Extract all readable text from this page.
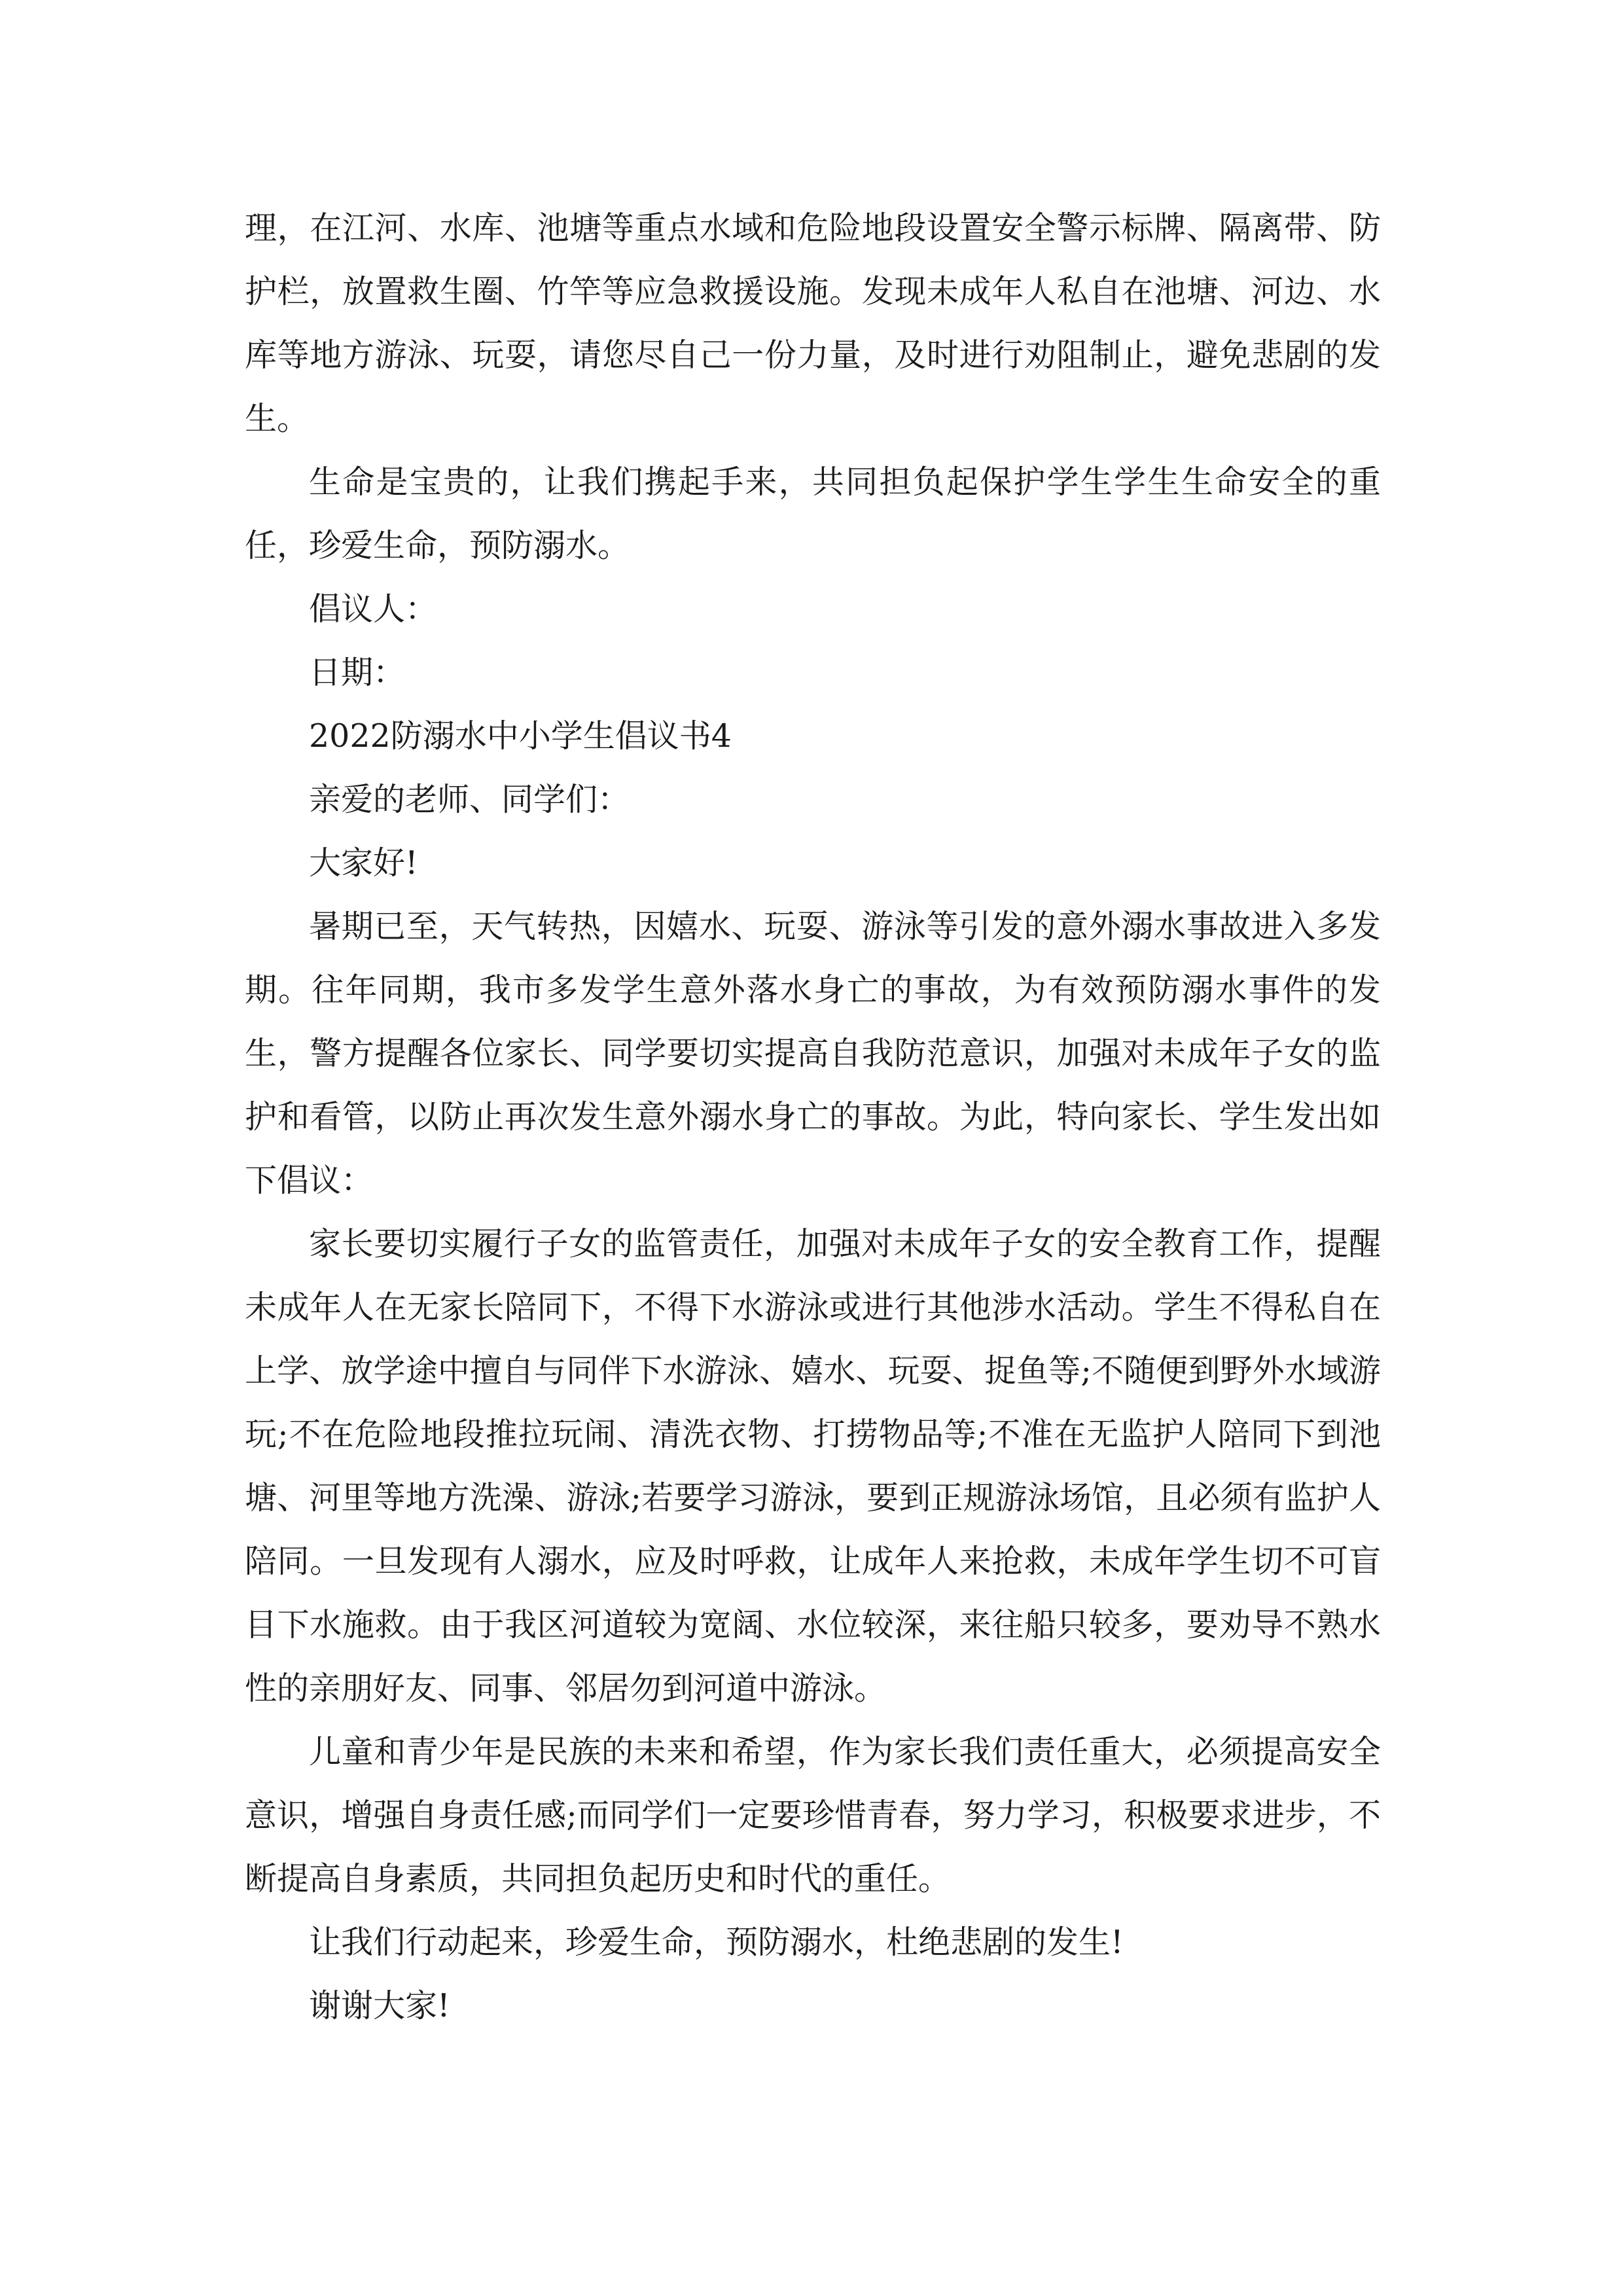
理，在江河、水库、池塘等重点水域和危险地段设置安全警示标牌、隔离带、防护栏，放置救生圈、竹竿等应急救援设施。发现未成年人私自在池塘、河边、水库等地方游泳、玩耍，请您尽自己一份力量，及时进行劝阻制止，避免悲剧的发生。

生命是宝贵的，让我们携起手来，共同担负起保护学生学生生命安全的重任，珍爱生命，预防溺水。

倡议人：

日期：

2022防溺水中小学生倡议书4

亲爱的老师、同学们：

大家好!

暑期已至，天气转热，因嬉水、玩耍、游泳等引发的意外溺水事故进入多发期。往年同期，我市多发学生意外落水身亡的事故，为有效预防溺水事件的发生，警方提醒各位家长、同学要切实提高自我防范意识，加强对未成年子女的监护和看管，以防止再次发生意外溺水身亡的事故。为此，特向家长、学生发出如下倡议：

家长要切实履行子女的监管责任，加强对未成年子女的安全教育工作，提醒未成年人在无家长陪同下，不得下水游泳或进行其他涉水活动。学生不得私自在上学、放学途中擅自与同伴下水游泳、嬉水、玩耍、捉鱼等;不随便到野外水域游玩;不在危险地段推拉玩闹、清洗衣物、打捞物品等;不准在无监护人陪同下到池塘、河里等地方洗澡、游泳;若要学习游泳，要到正规游泳场馆，且必须有监护人陪同。一旦发现有人溺水，应及时呼救，让成年人来抢救，未成年学生切不可盲目下水施救。由于我区河道较为宽阔、水位较深，来往船只较多，要劝导不熟水性的亲朋好友、同事、邻居勿到河道中游泳。

儿童和青少年是民族的未来和希望，作为家长我们责任重大，必须提高安全意识，增强自身责任感;而同学们一定要珍惜青春，努力学习，积极要求进步，不断提高自身素质，共同担负起历史和时代的重任。

让我们行动起来，珍爱生命，预防溺水，杜绝悲剧的发生!

谢谢大家!
